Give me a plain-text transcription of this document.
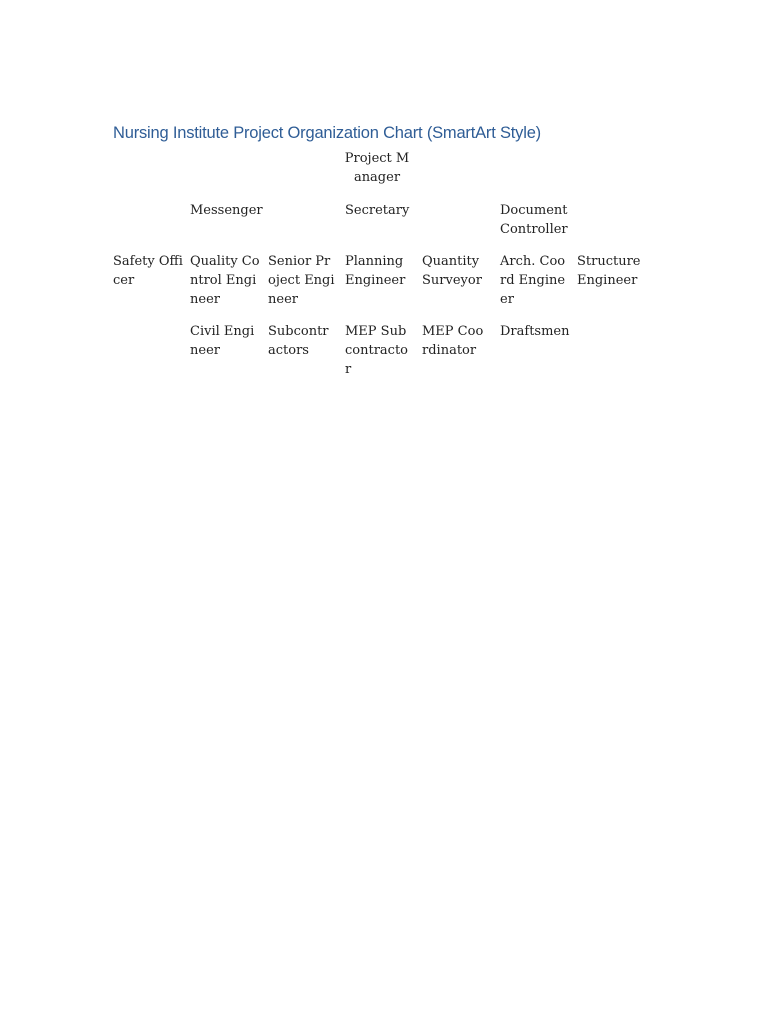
Nursing Institute Project Organization Chart (SmartArt Style)
Project Manager
Messenger	Secretary	Document Controller
Safety Officer
Quality Control Engineer
Senior Project Engineer
Planning Engineer
Quantity Surveyor
Arch. Coord Engineer
Structure Engineer
Civil Engineer
Subcontractors
MEP Subcontractor
MEP Coordinator
Draftsmen
